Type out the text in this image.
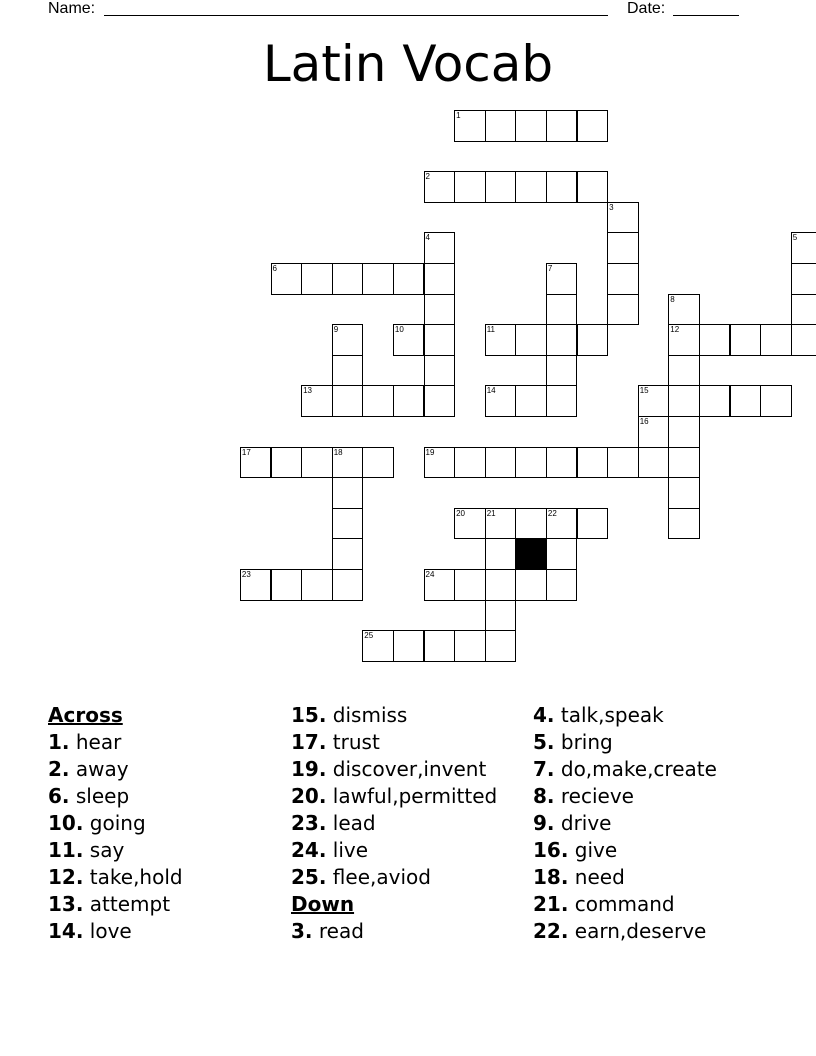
Name:	Date:
Latin Vocab
1
2
3
4	5
6	7
8
9	10	11	12
13	14	15
16
17	18	19
20	21	22
23	24
25
Across
1. hear
2. away
6. sleep
10. going
11. say
12. take,hold
13. attempt
14. love
15. dismiss
17. trust
19. discover,invent
20. lawful,permitted
23. lead
24. live
25. flee,aviod
Down
3. read
4. talk,speak
5. bring
7. do,make,create
8. recieve
9. drive
16. give
18. need
21. command
22. earn,deserve
